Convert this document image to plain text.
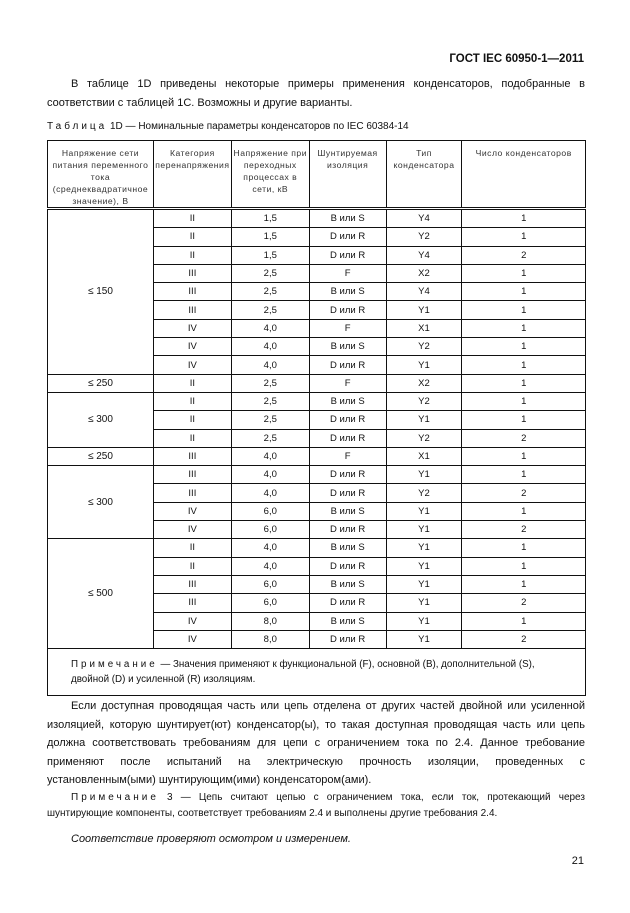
ГОСТ IEC 60950-1—2011
В таблице 1D приведены некоторые примеры применения конденсаторов, подобранные в соответствии с таблицей 1С. Возможны и другие варианты.
Таблица 1D — Номинальные параметры конденсаторов по IEC 60384-14
Напряжение сети питания переменного тока (среднеквадратичное значение), В	Категория перенапряжения	Напряжение при переходных процессах в сети, кВ	Шунтируемая изоляция	Тип конденсатора	Число конденсаторов
≤ 150	II	1,5	B или S	Y4	1
	II	1,5	D или R	Y2	1
	II	1,5	D или R	Y4	2
	III	2,5	F	X2	1
	III	2,5	B или S	Y4	1
	III	2,5	D или R	Y1	1
	IV	4,0	F	X1	1
	IV	4,0	B или S	Y2	1
	IV	4,0	D или R	Y1	1
≤ 250	II	2,5	F	X2	1
≤ 300	II	2,5	B или S	Y2	1
	II	2,5	D или R	Y1	1
	II	2,5	D или R	Y2	2
≤ 250	III	4,0	F	X1	1
≤ 300	III	4,0	D или R	Y1	1
	III	4,0	D или R	Y2	2
	IV	6,0	B или S	Y1	1
	IV	6,0	D или R	Y1	2
≤ 500	II	4,0	B или S	Y1	1
	II	4,0	D или R	Y1	1
	III	6,0	B или S	Y1	1
	III	6,0	D или R	Y1	2
	IV	8,0	B или S	Y1	1
	IV	8,0	D или R	Y1	2
Примечание — Значения применяют к функциональной (F), основной (B), дополнительной (S), двойной (D) и усиленной (R) изоляциям.					
Если доступная проводящая часть или цепь отделена от других частей двойной или усиленной изоляцией, которую шунтирует(ют) конденсатор(ы), то такая доступная проводящая часть или цепь должна соответствовать требованиям для цепи с ограничением тока по 2.4. Данное требование применяют после испытаний на электрическую прочность изоляции, проведенных с установленным(ыми) шунтирующим(ими) конденсатором(ами).
Примечание 3 — Цепь считают цепью с ограничением тока, если ток, протекающий через шунтирующие компоненты, соответствует требованиям 2.4 и выполнены другие требования 2.4.
Соответствие проверяют осмотром и измерением.
21
